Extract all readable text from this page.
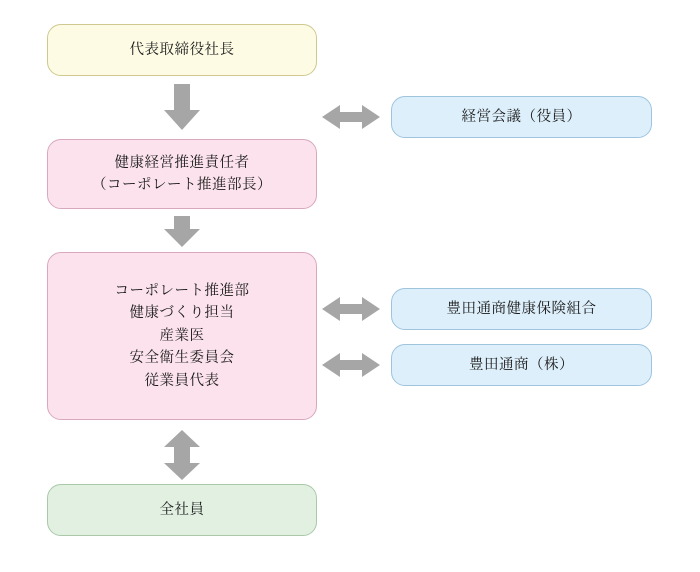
代表取締役社長
健康経営推進責任者
（コーポレート推進部長）
コーポレート推進部
健康づくり担当
産業医
安全衛生委員会
従業員代表
全社員
経営会議（役員）
豊田通商健康保険組合
豊田通商（株）
